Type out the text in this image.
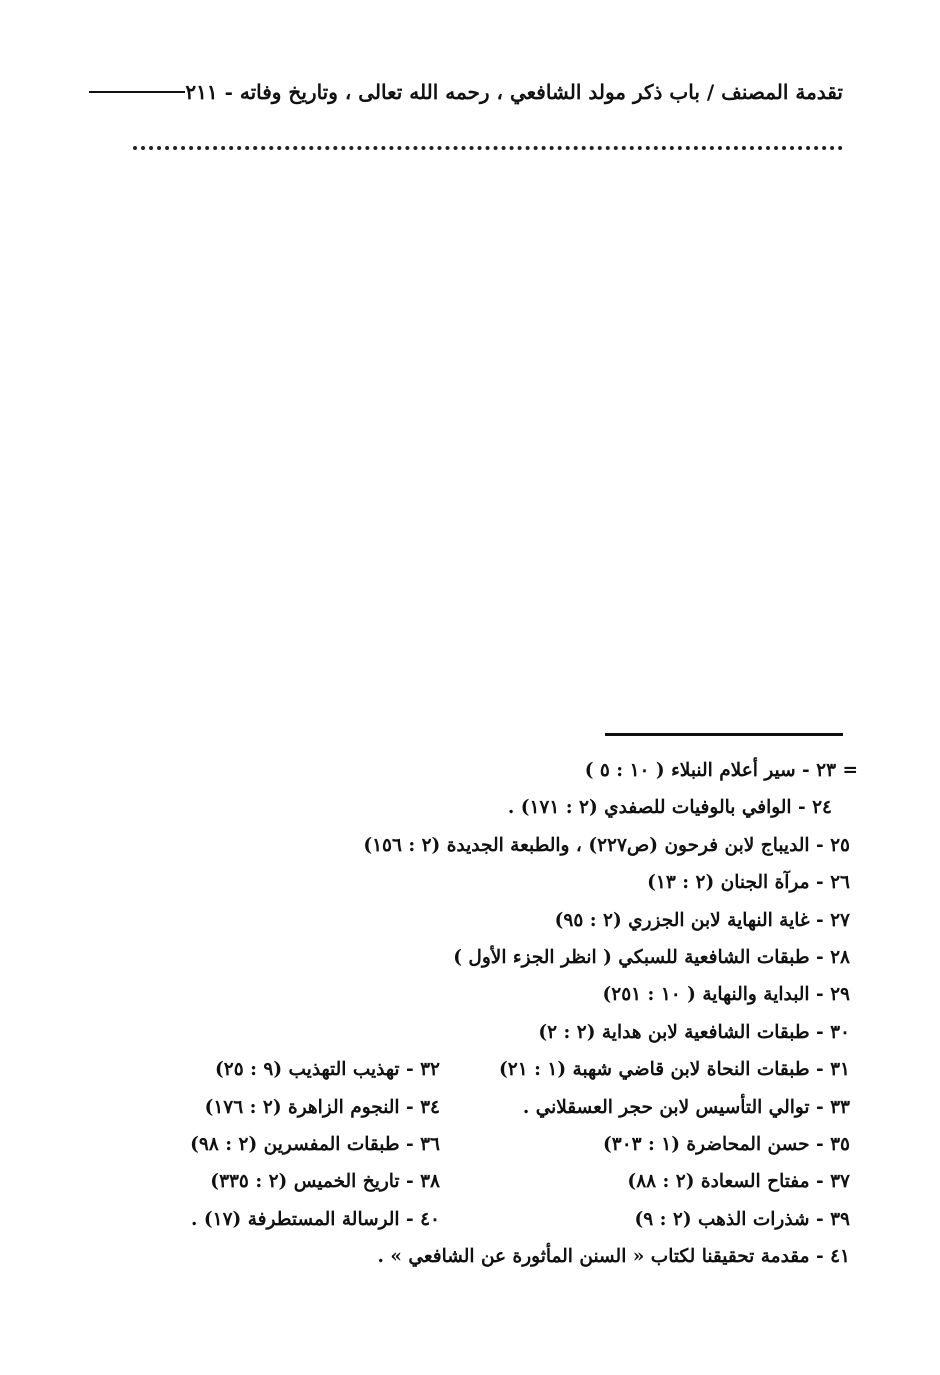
تقدمة المصنف / باب ذكر مولد الشافعي ، رحمه الله تعالى ، وتاريخ وفاته - ٢١١
= ٢٣ - سير أعلام النبلاء ( ١٠ : ٥ )
٢٤ - الوافي بالوفيات للصفدي (٢ : ١٧١) .
٢٥ - الديباج لابن فرحون (ص٢٢٧) ، والطبعة الجديدة (٢ : ١٥٦)
٢٦ - مرآة الجنان (٢ : ١٣)
٢٧ - غاية النهاية لابن الجزري (٢ : ٩٥)
٢٨ - طبقات الشافعية للسبكي ( انظر الجزء الأول )
٢٩ - البداية والنهاية ( ١٠ : ٢٥١)
٣٠ - طبقات الشافعية لابن هداية (٢ : ٢)
٣١ - طبقات النحاة لابن قاضي شهبة (١ : ٢١)
٣٢ - تهذيب التهذيب (٩ : ٢٥)
٣٣ - توالي التأسيس لابن حجر العسقلاني .
٣٤ - النجوم الزاهرة (٢ : ١٧٦)
٣٥ - حسن المحاضرة (١ : ٣٠٣)
٣٦ - طبقات المفسرين (٢ : ٩٨)
٣٧ - مفتاح السعادة (٢ : ٨٨)
٣٨ - تاريخ الخميس (٢ : ٣٣٥)
٣٩ - شذرات الذهب (٢ : ٩)
٤٠ - الرسالة المستطرفة (١٧) .
٤١ - مقدمة تحقيقنا لكتاب « السنن المأثورة عن الشافعي » .
